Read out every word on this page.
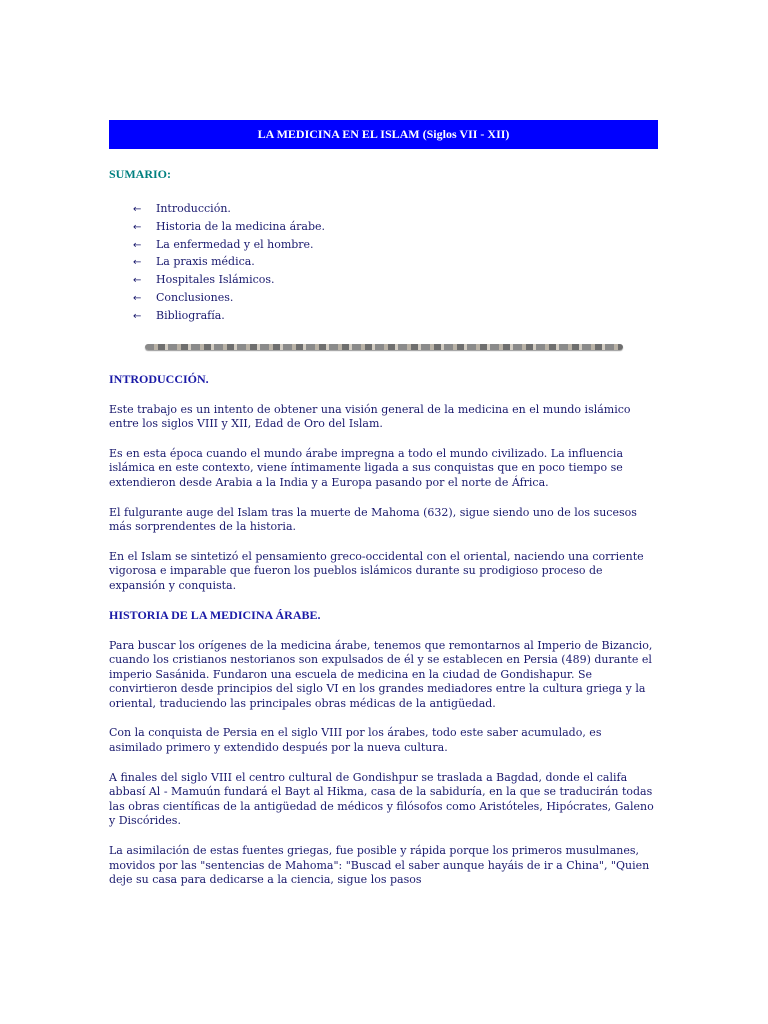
LA MEDICINA EN EL ISLAM (Siglos VII - XII)
SUMARIO:
← Introducción.
← Historia de la medicina árabe.
← La enfermedad y el hombre.
← La praxis médica.
← Hospitales Islámicos.
← Conclusiones.
← Bibliografía.
INTRODUCCIÓN.

Este trabajo es un intento de obtener una visión general de la medicina en el mundo islámico entre los siglos VIII y XII, Edad de Oro del Islam.

Es en esta época cuando el mundo árabe impregna a todo el mundo civilizado. La influencia islámica en este contexto, viene íntimamente ligada a sus conquistas que en poco tiempo se extendieron desde Arabia a la India y a Europa pasando por el norte de África.

El fulgurante auge del Islam tras la muerte de Mahoma (632), sigue siendo uno de los sucesos más sorprendentes de la historia.

En el Islam se sintetizó el pensamiento greco-occidental con el oriental, naciendo una corriente vigorosa e imparable que fueron los pueblos islámicos durante su prodigioso proceso de expansión y conquista.

HISTORIA DE LA MEDICINA ÁRABE.

Para buscar los orígenes de la medicina árabe, tenemos que remontarnos al Imperio de Bizancio, cuando los cristianos nestorianos son expulsados de él y se establecen en Persia (489) durante el imperio Sasánida. Fundaron una escuela de medicina en la ciudad de Gondishapur. Se convirtieron desde principios del siglo VI en los grandes mediadores entre la cultura griega y la oriental, traduciendo las principales obras médicas de la antigüedad.

Con la conquista de Persia en el siglo VIII por los árabes, todo este saber acumulado, es asimilado primero y extendido después por la nueva cultura.

A finales del siglo VIII el centro cultural de Gondishpur se traslada a Bagdad, donde el califa abbasí Al - Mamuún fundará el Bayt al Hikma, casa de la sabiduría, en la que se traducirán todas las obras científicas de la antigüedad de médicos y filósofos como Aristóteles, Hipócrates, Galeno y Discórides.

La asimilación de estas fuentes griegas, fue posible y rápida porque los primeros musulmanes, movidos por las "sentencias de Mahoma": "Buscad el saber aunque hayáis de ir a China", "Quien deje su casa para dedicarse a la ciencia, sigue los pasos
